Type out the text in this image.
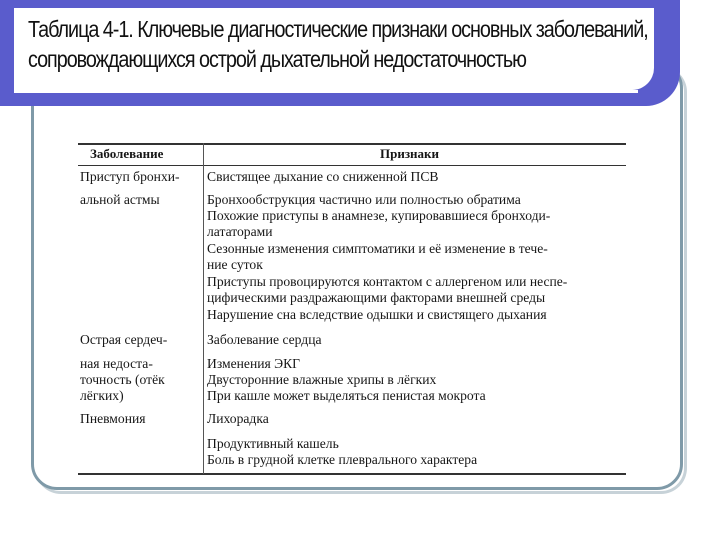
Таблица 4-1. Ключевые диагностические признаки основных заболеваний,
сопровождающихся острой дыхательной недостаточностью
Заболевание	Признаки
Приступ бронхи-
альной астмы
Острая сердеч-
ная недоста-
точность (отёк
лёгких)
Пневмония
Свистящее дыхание со сниженной ПСВ
Бронхообструкция частично или полностью обратима
Похожие приступы в анамнезе, купировавшиеся бронходи-
лататорами
Сезонные изменения симптоматики и её изменение в тече-
ние суток
Приступы провоцируются контактом с аллергеном или неспе-
цифическими раздражающими факторами внешней среды
Нарушение сна вследствие одышки и свистящего дыхания
Заболевание сердца
Изменения ЭКГ
Двусторонние влажные хрипы в лёгких
При кашле может выделяться пенистая мокрота
Лихорадка
Продуктивный кашель
Боль в грудной клетке плеврального характера
